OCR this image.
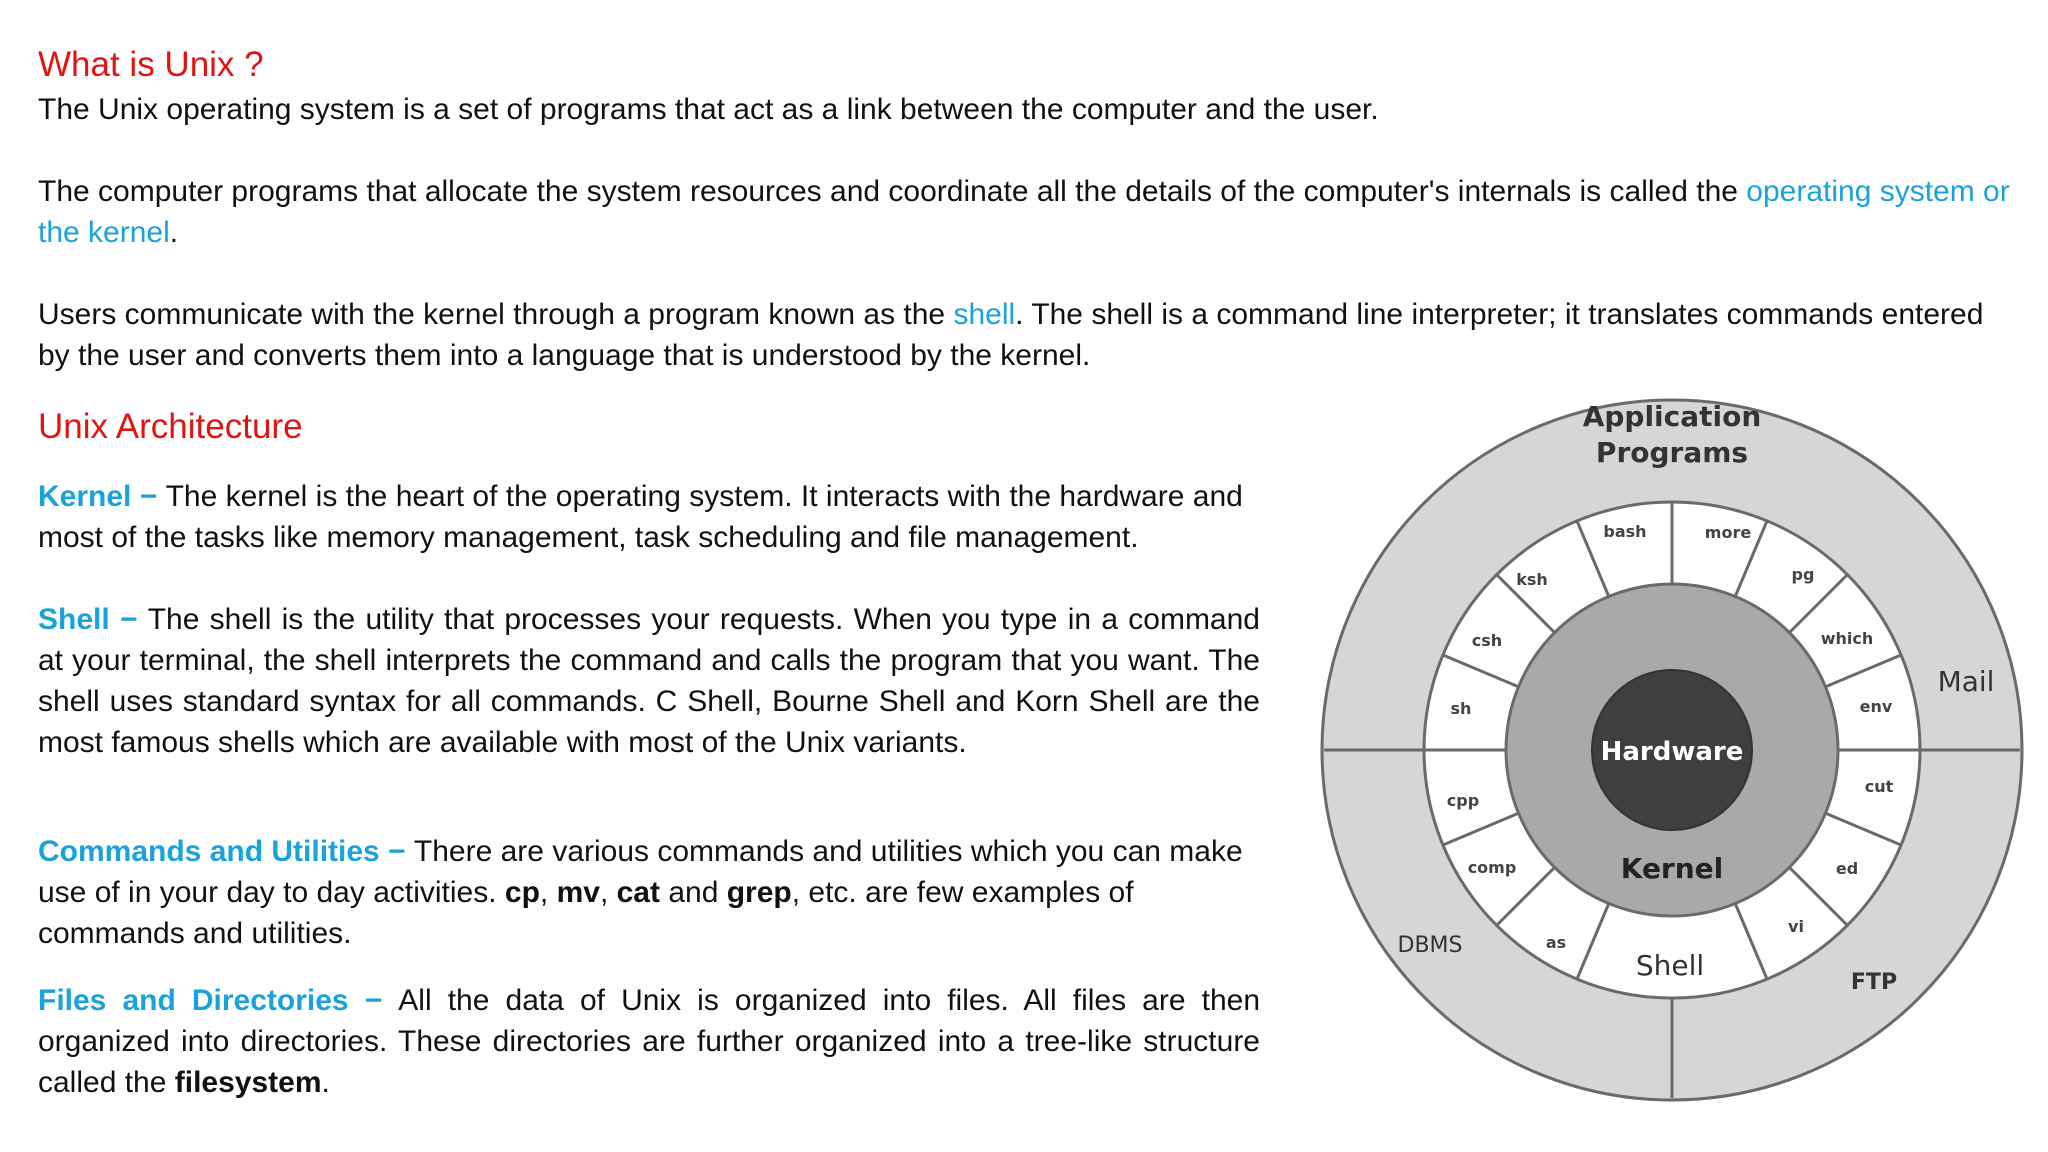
What is Unix ?

The Unix operating system is a set of programs that act as a link between the computer and the user.

The computer programs that allocate the system resources and coordinate all the details of the computer's internals is called the operating system or the kernel.

Users communicate with the kernel through a program known as the shell. The shell is a command line interpreter; it translates commands entered by the user and converts them into a language that is understood by the kernel.

Unix Architecture

Kernel − The kernel is the heart of the operating system. It interacts with the hardware and most of the tasks like memory management, task scheduling and file management.

Shell − The shell is the utility that processes your requests. When you type in a command at your terminal, the shell interprets the command and calls the program that you want. The shell uses standard syntax for all commands. C Shell, Bourne Shell and Korn Shell are the most famous shells which are available with most of the Unix variants.

Commands and Utilities − There are various commands and utilities which you can make use of in your day to day activities. cp, mv, cat and grep, etc. are few examples of commands and utilities.

Files and Directories − All the data of Unix is organized into files. All files are then organized into directories. These directories are further organized into a tree-like structure called the filesystem.

Application
Programs
Mail
FTP
DBMS
bash	more
pg
which
env
cut
ed
vi
as
comp
cpp
sh
csh
ksh
Shell
Kernel
Hardware
